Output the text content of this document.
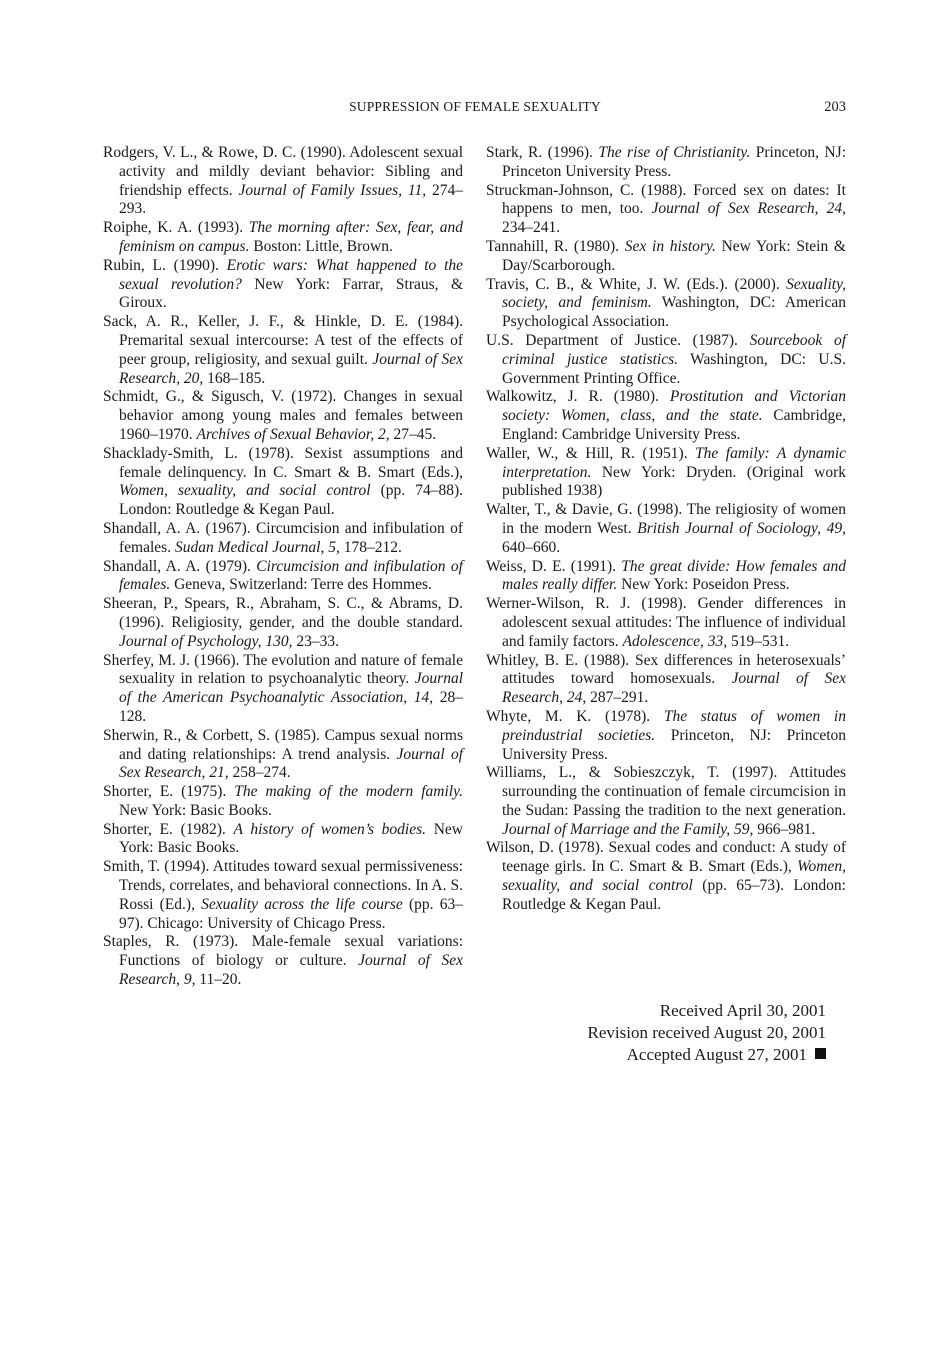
SUPPRESSION OF FEMALE SEXUALITY	203

Rodgers, V. L., & Rowe, D. C. (1990). Adolescent sexual activity and mildly deviant behavior: Sibling and friendship effects. Journal of Family Issues, 11, 274–293.

Roiphe, K. A. (1993). The morning after: Sex, fear, and feminism on campus. Boston: Little, Brown.

Rubin, L. (1990). Erotic wars: What happened to the sexual revolution? New York: Farrar, Straus, & Giroux.

Sack, A. R., Keller, J. F., & Hinkle, D. E. (1984). Premarital sexual intercourse: A test of the effects of peer group, religiosity, and sexual guilt. Journal of Sex Research, 20, 168–185.

Schmidt, G., & Sigusch, V. (1972). Changes in sexual behavior among young males and females between 1960–1970. Archives of Sexual Behavior, 2, 27–45.

Shacklady-Smith, L. (1978). Sexist assumptions and female delinquency. In C. Smart & B. Smart (Eds.), Women, sexuality, and social control (pp. 74–88). London: Routledge & Kegan Paul.

Shandall, A. A. (1967). Circumcision and infibulation of females. Sudan Medical Journal, 5, 178–212.

Shandall, A. A. (1979). Circumcision and infibulation of females. Geneva, Switzerland: Terre des Hommes.

Sheeran, P., Spears, R., Abraham, S. C., & Abrams, D. (1996). Religiosity, gender, and the double standard. Journal of Psychology, 130, 23–33.

Sherfey, M. J. (1966). The evolution and nature of female sexuality in relation to psychoanalytic theory. Journal of the American Psychoanalytic Association, 14, 28–128.

Sherwin, R., & Corbett, S. (1985). Campus sexual norms and dating relationships: A trend analysis. Journal of Sex Research, 21, 258–274.

Shorter, E. (1975). The making of the modern family. New York: Basic Books.

Shorter, E. (1982). A history of women’s bodies. New York: Basic Books.

Smith, T. (1994). Attitudes toward sexual permissiveness: Trends, correlates, and behavioral connections. In A. S. Rossi (Ed.), Sexuality across the life course (pp. 63–97). Chicago: University of Chicago Press.

Staples, R. (1973). Male-female sexual variations: Functions of biology or culture. Journal of Sex Research, 9, 11–20.

Stark, R. (1996). The rise of Christianity. Princeton, NJ: Princeton University Press.

Struckman-Johnson, C. (1988). Forced sex on dates: It happens to men, too. Journal of Sex Research, 24, 234–241.

Tannahill, R. (1980). Sex in history. New York: Stein & Day/Scarborough.

Travis, C. B., & White, J. W. (Eds.). (2000). Sexuality, society, and feminism. Washington, DC: American Psychological Association.

U.S. Department of Justice. (1987). Sourcebook of criminal justice statistics. Washington, DC: U.S. Government Printing Office.

Walkowitz, J. R. (1980). Prostitution and Victorian society: Women, class, and the state. Cambridge, England: Cambridge University Press.

Waller, W., & Hill, R. (1951). The family: A dynamic interpretation. New York: Dryden. (Original work published 1938)

Walter, T., & Davie, G. (1998). The religiosity of women in the modern West. British Journal of Sociology, 49, 640–660.

Weiss, D. E. (1991). The great divide: How females and males really differ. New York: Poseidon Press.

Werner-Wilson, R. J. (1998). Gender differences in adolescent sexual attitudes: The influence of individual and family factors. Adolescence, 33, 519–531.

Whitley, B. E. (1988). Sex differences in heterosexuals’ attitudes toward homosexuals. Journal of Sex Research, 24, 287–291.

Whyte, M. K. (1978). The status of women in preindustrial societies. Princeton, NJ: Princeton University Press.

Williams, L., & Sobieszczyk, T. (1997). Attitudes surrounding the continuation of female circumcision in the Sudan: Passing the tradition to the next generation. Journal of Marriage and the Family, 59, 966–981.

Wilson, D. (1978). Sexual codes and conduct: A study of teenage girls. In C. Smart & B. Smart (Eds.), Women, sexuality, and social control (pp. 65–73). London: Routledge & Kegan Paul.

Received April 30, 2001

Revision received August 20, 2001

Accepted August 27, 2001
